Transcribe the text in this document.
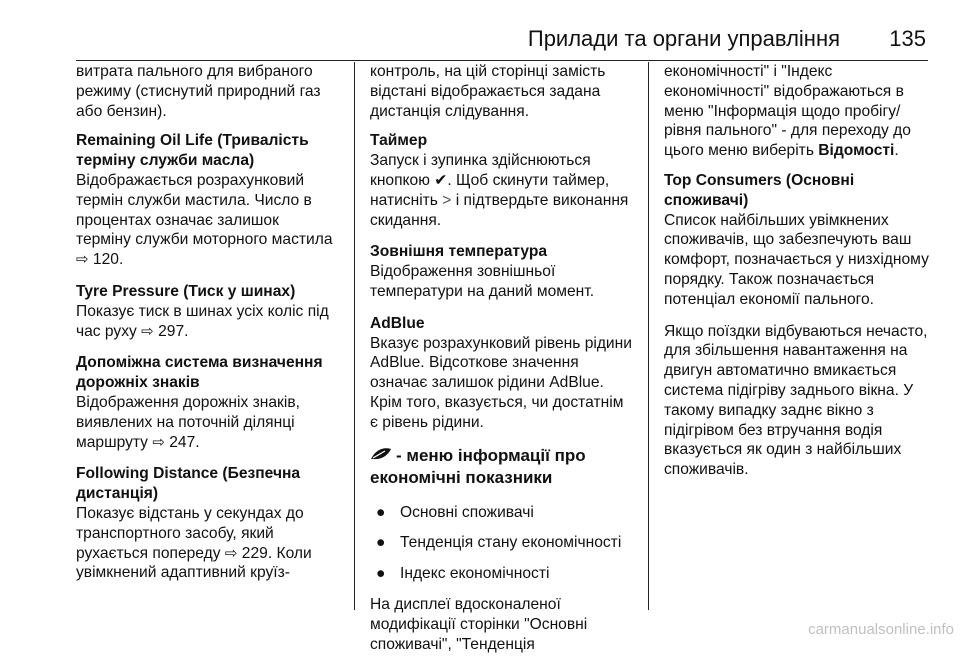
Прилади та органи управління 135

витрата пального для вибраного режиму (стиснутий природний газ або бензин).

Remaining Oil Life (Тривалість терміну служби масла)
Відображається розрахунковий термін служби мастила. Число в процентах означає залишок терміну служби моторного мастила ⇨ 120.
Tyre Pressure (Тиск у шинах)
Показує тиск в шинах усіх коліс під час руху ⇨ 297.
Допоміжна система визначення дорожніх знаків
Відображення дорожніх знаків, виявлених на поточній ділянці маршруту ⇨ 247.
Following Distance (Безпечна дистанція)
Показує відстань у секундах до транспортного засобу, який рухається попереду ⇨ 229. Коли увімкнений адаптивний круїз-

контроль, на цій сторінці замість відстані відображається задана дистанція слідування.

Таймер
Запуск і зупинка здійснюються кнопкою ✔. Щоб скинути таймер, натисніть > і підтвердьте виконання скидання.
Зовнішня температура
Відображення зовнішньої температури на даний момент.
AdBlue
Вказує розрахунковий рівень рідини AdBlue. Відсоткове значення означає залишок рідини AdBlue. Крім того, вказується, чи достатнім є рівень рідини.
- меню інформації про економічні показники
● Основні споживачі
● Тенденція стану економічності
● Індекс економічності

На дисплеї вдосконаленої модифікації сторінки "Основні споживачі", "Тенденція

економічності" і "Індекс економічності" відображаються в меню "Інформація щодо пробігу/рівня пального" - для переходу до цього меню виберіть Відомості.

Top Consumers (Основні споживачі)
Список найбільших увімкнених споживачів, що забезпечують ваш комфорт, позначається у низхідному порядку. Також позначається потенціал економії пального.

Якщо поїздки відбуваються нечасто, для збільшення навантаження на двигун автоматично вмикається система підігріву заднього вікна. У такому випадку заднє вікно з підігрівом без втручання водія вказується як один з найбільших споживачів.

carmanualsonline.info
